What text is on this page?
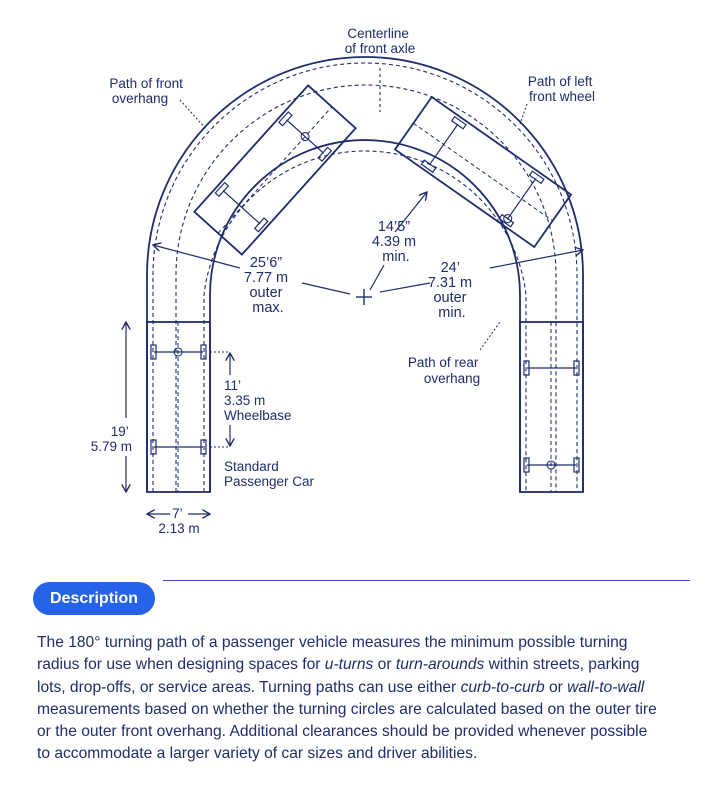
Centerline of front axle
Path of front overhang
Path of left front wheel
14’5” 4.39 m min.
25’6” 7.77 m outer max.
24’ 7.31 m outer min.
Path of rear overhang
11’ 3.35 m Wheelbase
19’ 5.79 m
Standard Passenger Car
7’ 2.13 m
Description

The 180° turning path of a passenger vehicle measures the minimum possible turning radius for use when designing spaces for u-turns or turn-arounds within streets, parking lots, drop-offs, or service areas. Turning paths can use either curb-to-curb or wall-to-wall measurements based on whether the turning circles are calculated based on the outer tire or the outer front overhang. Additional clearances should be provided whenever possible to accommodate a larger variety of car sizes and driver abilities.
